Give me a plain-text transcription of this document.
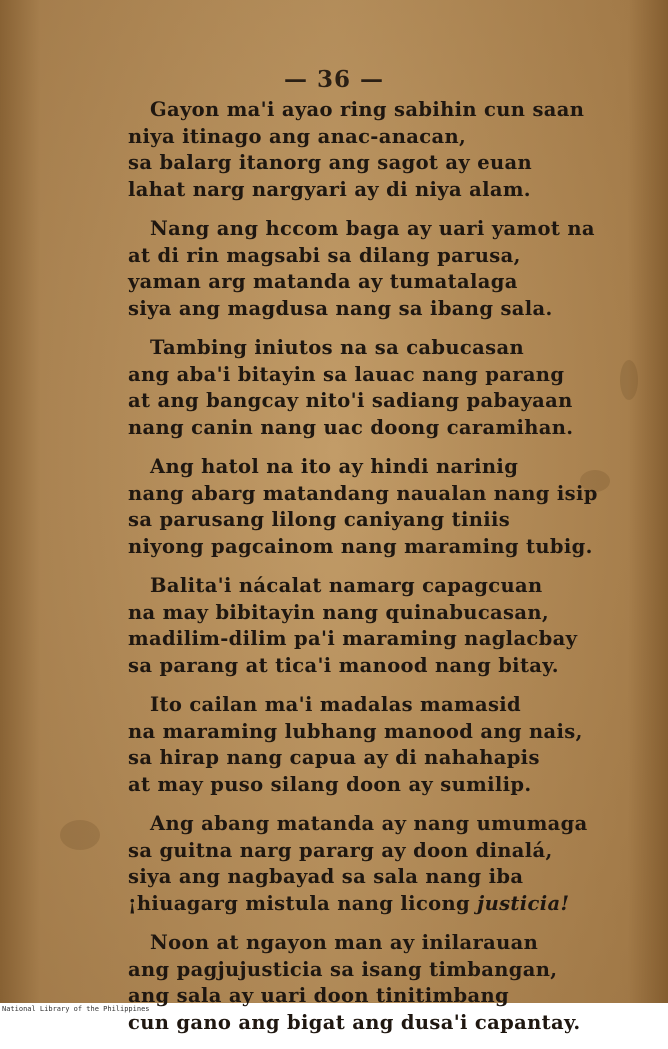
— 36 —
Gayon ma'i ayao ring sabihin cun saan
niya itinago ang anac-anacan,
sa balarg itanorg ang sagot ay euan
lahat narg nargyari ay di niya alam.
Nang ang hccom baga ay uari yamot na
at di rin magsabi sa dilang parusa,
yaman arg matanda ay tumatalaga
siya ang magdusa nang sa ibang sala.
Tambing iniutos na sa cabucasan
ang aba'i bitayin sa lauac nang parang
at ang bangcay nito'i sadiang pabayaan
nang canin nang uac doong caramihan.
Ang hatol na ito ay hindi narinig
nang abarg matandang naualan nang isip
sa parusang lilong caniyang tiniis
niyong pagcainom nang maraming tubig.
Balita'i nácalat namarg capagcuan
na may bibitayin nang quinabucasan,
madilim-dilim pa'i maraming naglacbay
sa parang at tica'i manood nang bitay.
Ito cailan ma'i madalas mamasid
na maraming lubhang manood ang nais,
sa hirap nang capua ay di nahahapis
at may puso silang doon ay sumilip.
Ang abang matanda ay nang umumaga
sa guitna narg pararg ay doon dinalá,
siya ang nagbayad sa sala nang iba
¡hiuagarg mistula nang licong justicia!
Noon at ngayon man ay inilarauan
ang pagjujusticia sa isang timbangan,
ang sala ay uari doon tinitimbang
cun gano ang bigat ang dusa'i capantay.
National Library of the Philippines
